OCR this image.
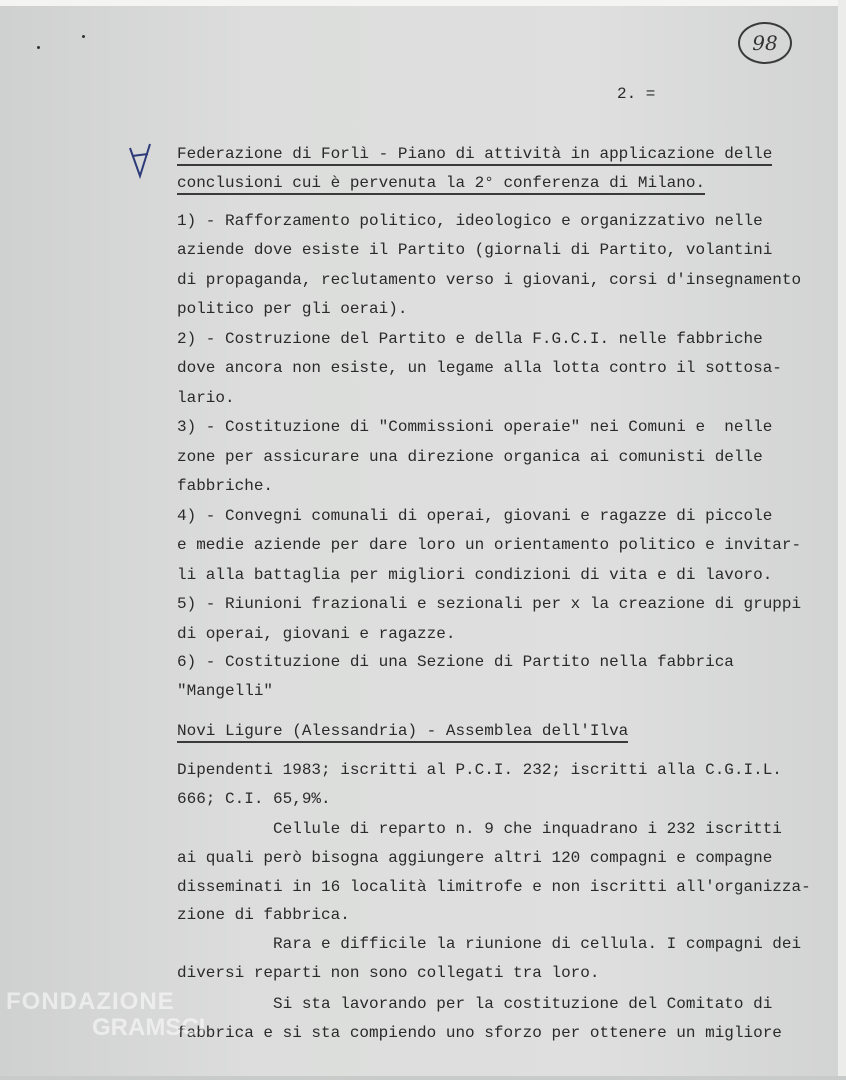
98
2. =
Federazione di Forlì - Piano di attività in applicazione delle
conclusioni cui è pervenuta la 2° conferenza di Milano.
1) - Rafforzamento politico, ideologico e organizzativo nelle
aziende dove esiste il Partito (giornali di Partito, volantini
di propaganda, reclutamento verso i giovani, corsi d'insegnamento
politico per gli oerai).
2) - Costruzione del Partito e della F.G.C.I. nelle fabbriche
dove ancora non esiste, un legame alla lotta contro il sottosa-
lario.
3) - Costituzione di "Commissioni operaie" nei Comuni e  nelle
zone per assicurare una direzione organica ai comunisti delle
fabbriche.
4) - Convegni comunali di operai, giovani e ragazze di piccole
e medie aziende per dare loro un orientamento politico e invitar-
li alla battaglia per migliori condizioni di vita e di lavoro.
5) - Riunioni frazionali e sezionali per x la creazione di gruppi
di operai, giovani e ragazze.
6) - Costituzione di una Sezione di Partito nella fabbrica
"Mangelli"
Novi Ligure (Alessandria) - Assemblea dell'Ilva
Dipendenti 1983; iscritti al P.C.I. 232; iscritti alla C.G.I.L.
666; C.I. 65,9%.
Cellule di reparto n. 9 che inquadrano i 232 iscritti
ai quali però bisogna aggiungere altri 120 compagni e compagne
disseminati in 16 località limitrofe e non iscritti all'organizza-
zione di fabbrica.
Rara e difficile la riunione di cellula. I compagni dei
diversi reparti non sono collegati tra loro.
Si sta lavorando per la costituzione del Comitato di
fabbrica e si sta compiendo uno sforzo per ottenere un migliore
FONDAZIONE
GRAMSCI
